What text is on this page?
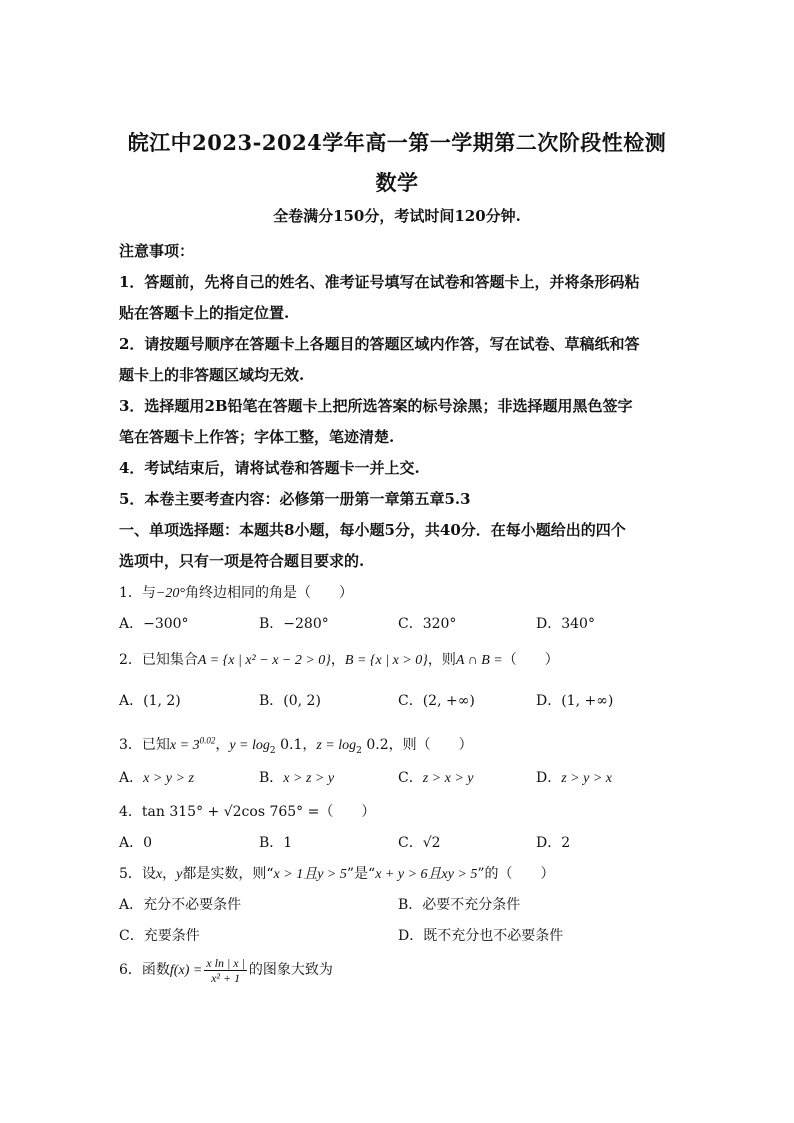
皖江中2023-2024学年高一第一学期第二次阶段性检测
数学
全卷满分150分，考试时间120分钟.
注意事项：
1．答题前，先将自己的姓名、准考证号填写在试卷和答题卡上，并将条形码粘
贴在答题卡上的指定位置.
2．请按题号顺序在答题卡上各题目的答题区域内作答，写在试卷、草稿纸和答
题卡上的非答题区域均无效.
3．选择题用2B铅笔在答题卡上把所选答案的标号涂黑；非选择题用黑色签字
笔在答题卡上作答；字体工整，笔迹清楚.
4．考试结束后，请将试卷和答题卡一并上交.
5．本卷主要考查内容：必修第一册第一章第五章5.3
一、单项选择题：本题共8小题，每小题5分，共40分．在每小题给出的四个
选项中，只有一项是符合题目要求的.
1．与−20°角终边相同的角是（　　）
A．−300°	B．−280°	C．320°	D．340°
2．已知集合A = {x | x² − x − 2 > 0}，B = {x | x > 0}，则A ∩ B =（　　）
A．(1, 2)	B．(0, 2)	C．(2, +∞)	D．(1, +∞)
3．已知$x = 3^{0.02}$，$y = \log_2 0.1$，$z = \log_2 0.2$，则（　　）
A．x > y > z	B．x > z > y	C．z > x > y	D．z > y > x
4．tan 315° + √2cos 765° =（　　）
A．0	B．1	C．√2	D．2
5．设x，y都是实数，则“x > 1且y > 5”是“x + y > 6且xy > 5”的（　　）
A．充分不必要条件	B．必要不充分条件
C．充要条件	D．既不充分也不必要条件
6．函数$f(x) = \frac{\text{x ln | x |}}{\text{x² + 1}}$ 的图象大致为
